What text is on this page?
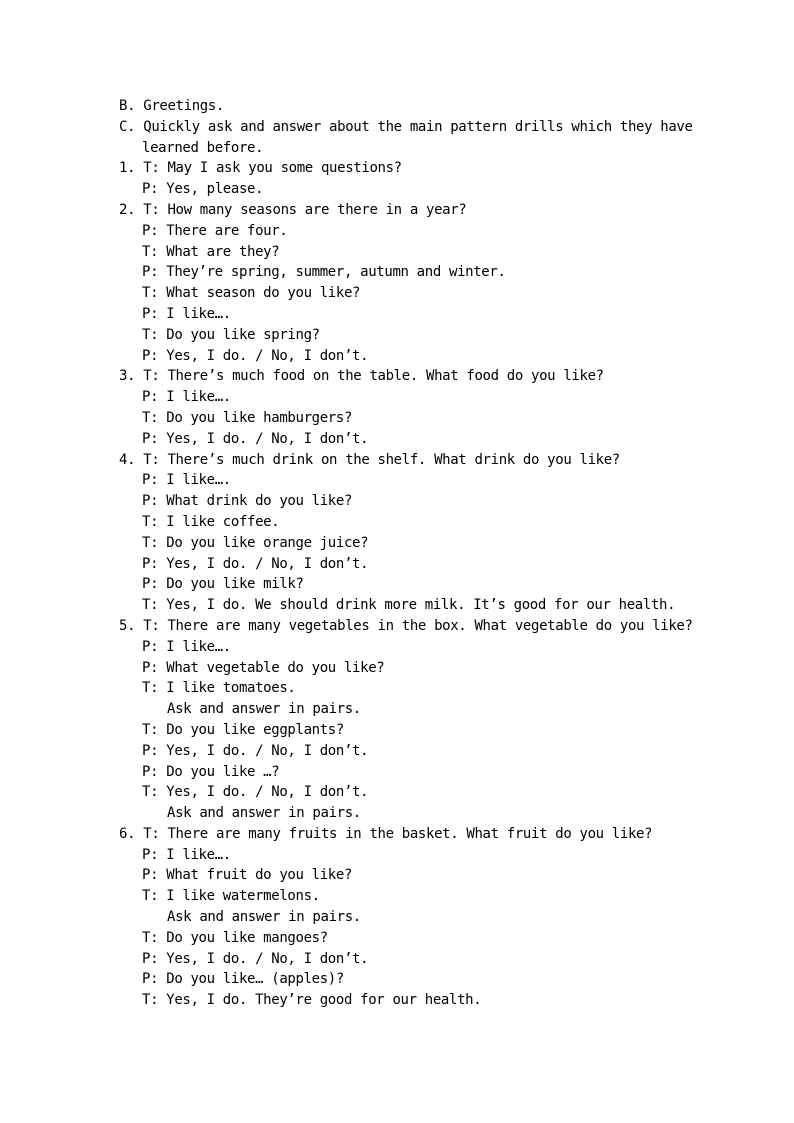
B. Greetings.
C. Quickly ask and answer about the main pattern drills which they have
learned before.
1. T: May I ask you some questions?
P: Yes, please.
2. T: How many seasons are there in a year?
P: There are four.
T: What are they?
P: They’re spring, summer, autumn and winter.
T: What season do you like?
P: I like….
T: Do you like spring?
P: Yes, I do. / No, I don’t.
3. T: There’s much food on the table. What food do you like?
P: I like….
T: Do you like hamburgers?
P: Yes, I do. / No, I don’t.
4. T: There’s much drink on the shelf. What drink do you like?
P: I like….
P: What drink do you like?
T: I like coffee.
T: Do you like orange juice?
P: Yes, I do. / No, I don’t.
P: Do you like milk?
T: Yes, I do. We should drink more milk. It’s good for our health.
5. T: There are many vegetables in the box. What vegetable do you like?
P: I like….
P: What vegetable do you like?
T: I like tomatoes.
Ask and answer in pairs.
T: Do you like eggplants?
P: Yes, I do. / No, I don’t.
P: Do you like …?
T: Yes, I do. / No, I don’t.
Ask and answer in pairs.
6. T: There are many fruits in the basket. What fruit do you like?
P: I like….
P: What fruit do you like?
T: I like watermelons.
Ask and answer in pairs.
T: Do you like mangoes?
P: Yes, I do. / No, I don’t.
P: Do you like… (apples)?
T: Yes, I do. They’re good for our health.
